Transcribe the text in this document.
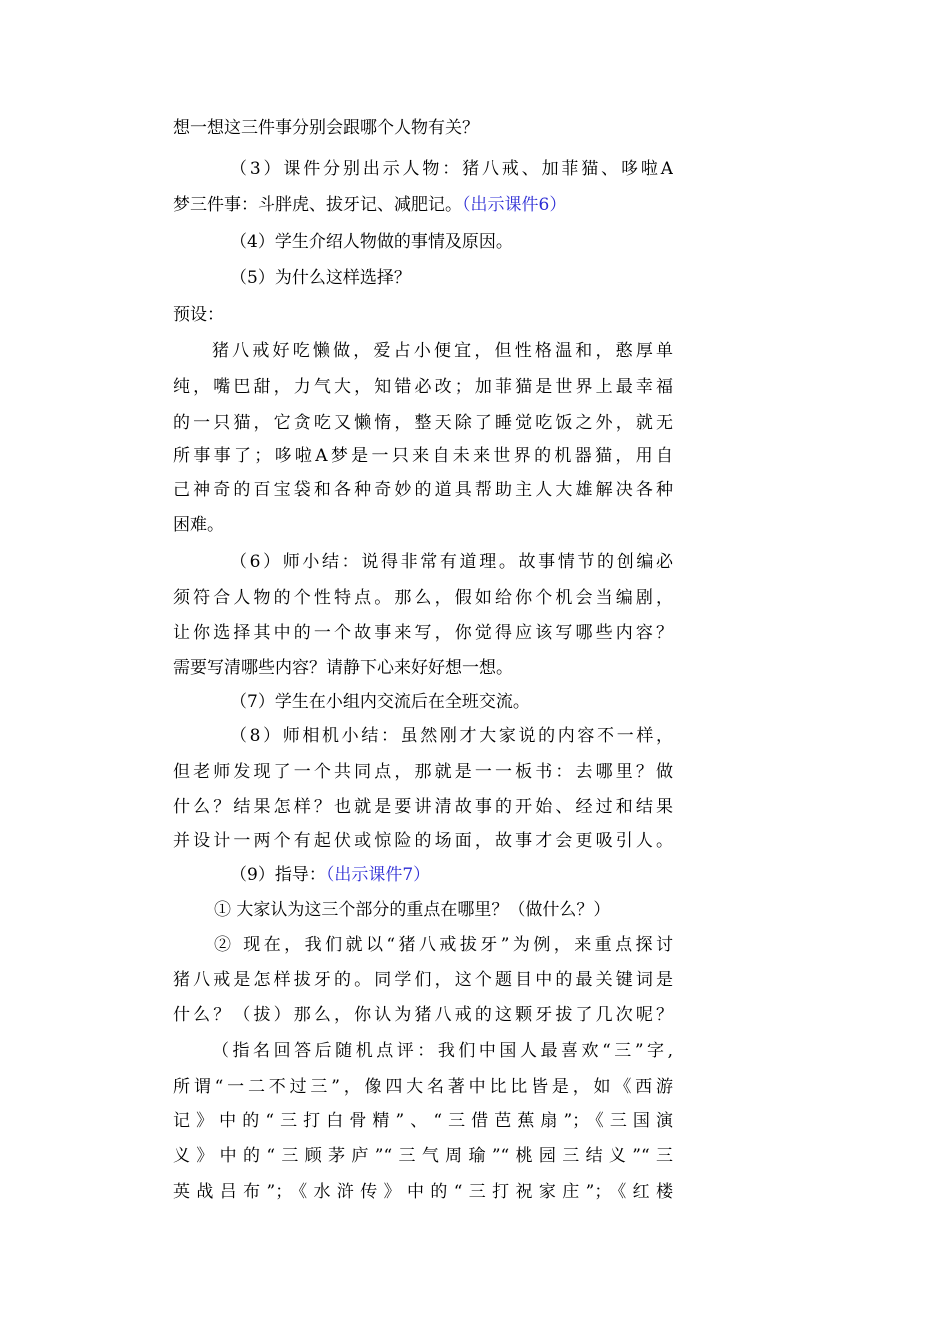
想一想这三件事分别会跟哪个人物有关？
（3）课件分别出示人物：猪八戒、加菲猫、哆啦A
梦三件事：斗胖虎、拔牙记、减肥记。（出示课件6）
（4）学生介绍人物做的事情及原因。
（5）为什么这样选择？
预设：
猪八戒好吃懒做，爱占小便宜，但性格温和，憨厚单
纯，嘴巴甜，力气大，知错必改；加菲猫是世界上最幸福
的一只猫，它贪吃又懒惰，整天除了睡觉吃饭之外，就无
所事事了；哆啦A梦是一只来自未来世界的机器猫，用自
己神奇的百宝袋和各种奇妙的道具帮助主人大雄解决各种
困难。
（6）师小结：说得非常有道理。故事情节的创编必
须符合人物的个性特点。那么，假如给你个机会当编剧，
让你选择其中的一个故事来写，你觉得应该写哪些内容？
需要写清哪些内容？请静下心来好好想一想。
（7）学生在小组内交流后在全班交流。
（8）师相机小结：虽然刚才大家说的内容不一样，
但老师发现了一个共同点，那就是一一板书：去哪里？做
什么？结果怎样？也就是要讲清故事的开始、经过和结果
并设计一两个有起伏或惊险的场面，故事才会更吸引人。
（9）指导：（出示课件7）
① 大家认为这三个部分的重点在哪里？（做什么？）
② 现在，我们就以“猪八戒拔牙”为例，来重点探讨
猪八戒是怎样拔牙的。同学们，这个题目中的最关键词是
什么？（拔）那么，你认为猪八戒的这颗牙拔了几次呢？
（指名回答后随机点评：我们中国人最喜欢“三”字,
所谓“一二不过三”，像四大名著中比比皆是，如《西游
记》中的“三打白骨精”、“三借芭蕉扇”；《三国演
义》中的“三顾茅庐”“三气周瑜”“桃园三结义”“三
英战吕布”；《水浒传》中的“三打祝家庄”；《红楼
